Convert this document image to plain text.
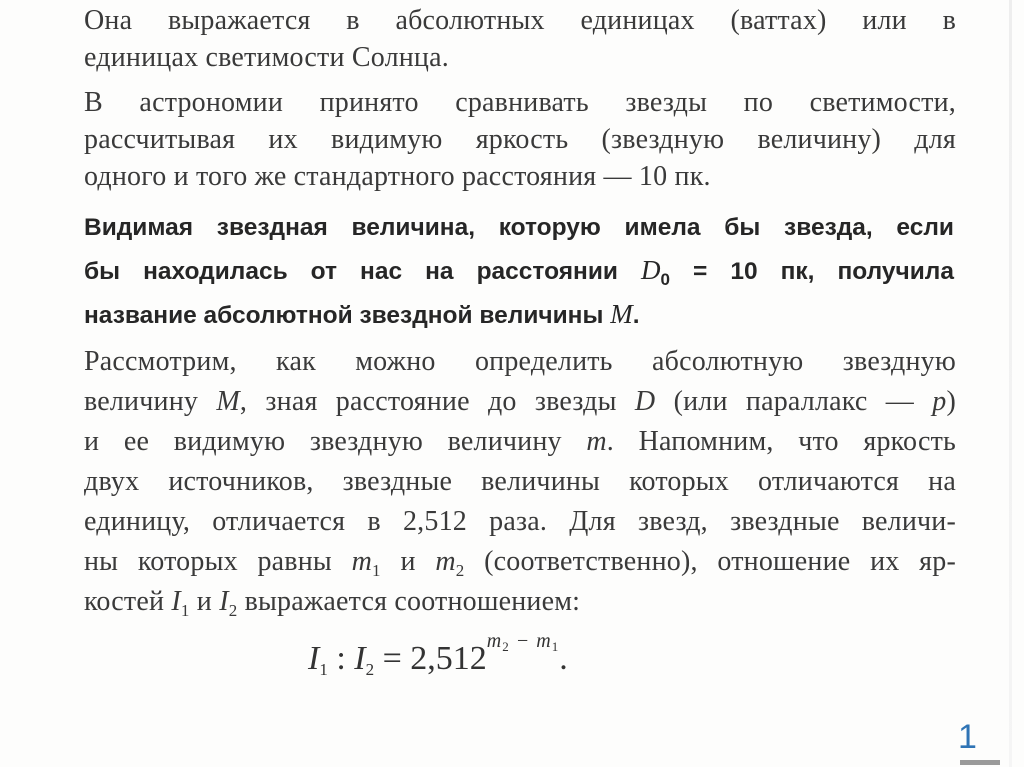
Она выражается в абсолютных единицах (ваттах) или в
единицах светимости Солнца.
В астрономии принято сравнивать звезды по светимости,
рассчитывая их видимую яркость (звездную величину) для
одного и того же стандартного расстояния — 10 пк.
Видимая звездная величина, которую имела бы звезда, если
бы находилась от нас на расстоянии $D_0 = 10$ пк, получила
название абсолютной звездной величины M.
Рассмотрим, как можно определить абсолютную звездную
величину M, зная расстояние до звезды D (или параллакс — p)
и ее видимую звездную величину m. Напомним, что яркость
двух источников, звездные величины которых отличаются на
единицу, отличается в 2,512 раза. Для звезд, звездные величи-
ны которых равны $m_1$ и $m_2$ (соответственно), отношение их яр-
костей $I_1$ и $I_2$ выражается соотношением:
$I_1$ : $I_2 = 2,512^{m_2 - m_1}$.
1
